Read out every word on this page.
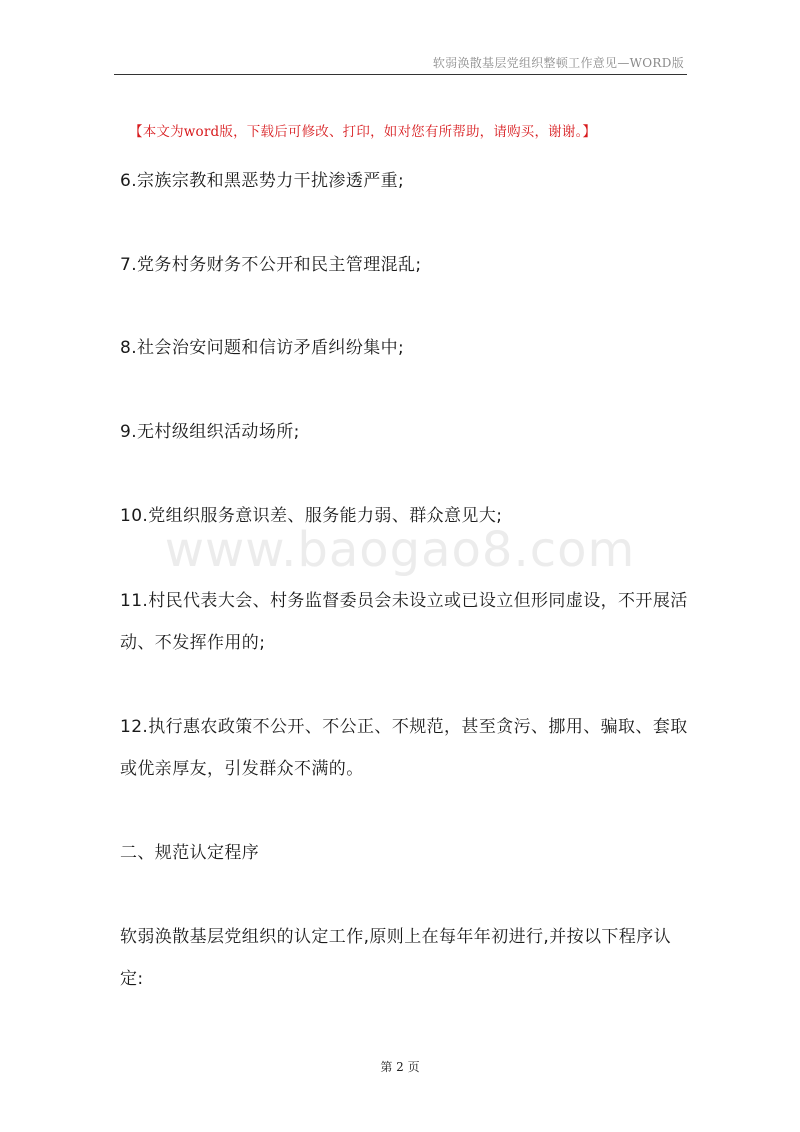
软弱涣散基层党组织整顿工作意见—WORD版
【本文为word版，下载后可修改、打印，如对您有所帮助，请购买，谢谢。】
6.宗族宗教和黑恶势力干扰渗透严重;
7.党务村务财务不公开和民主管理混乱;
8.社会治安问题和信访矛盾纠纷集中;
9.无村级组织活动场所;
10.党组织服务意识差、服务能力弱、群众意见大;
11.村民代表大会、村务监督委员会未设立或已设立但形同虚设，不开展活动、不发挥作用的;
12.执行惠农政策不公开、不公正、不规范，甚至贪污、挪用、骗取、套取或优亲厚友，引发群众不满的。
二、规范认定程序
软弱涣散基层党组织的认定工作,原则上在每年年初进行,并按以下程序认定:
www.baogao8.com
第 2 页
